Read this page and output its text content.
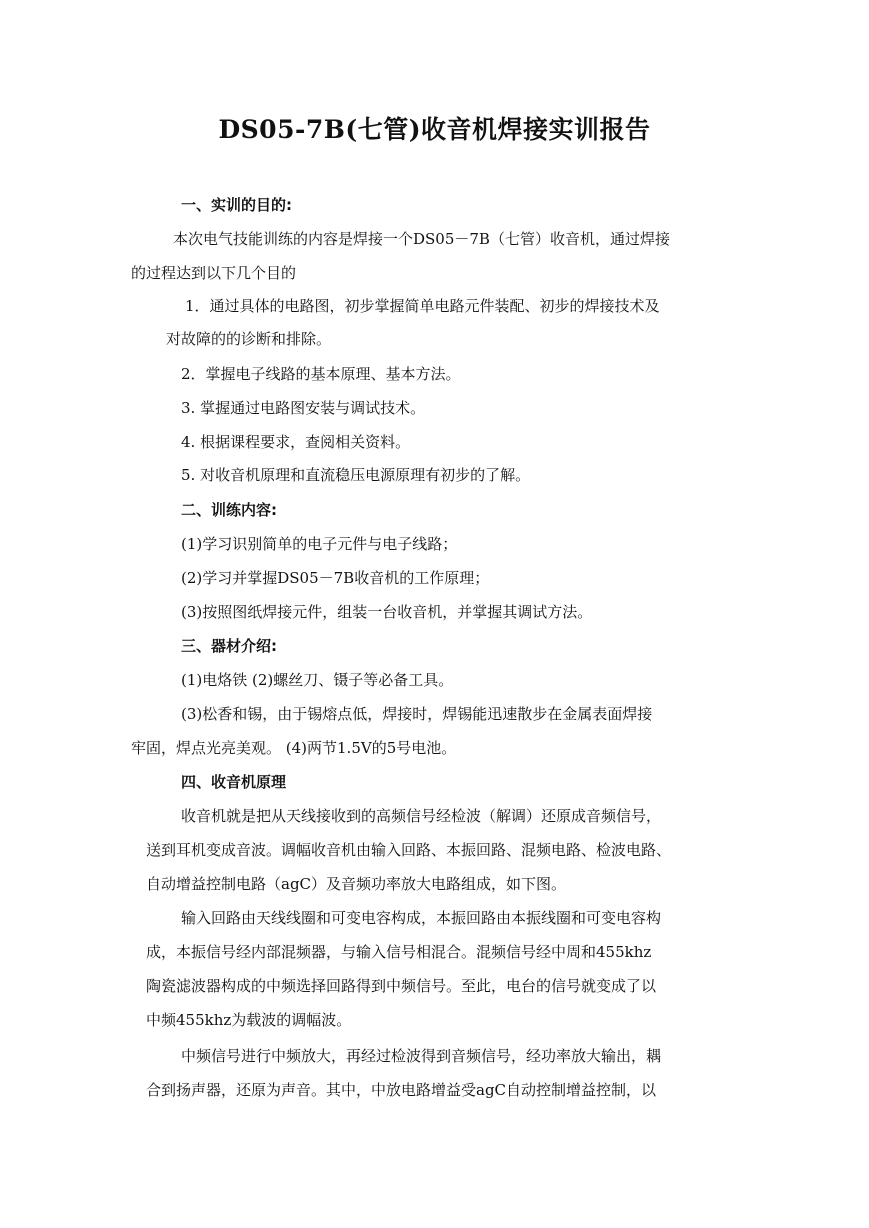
DS05-7B(七管)收音机焊接实训报告
一、实训的目的:
本次电气技能训练的内容是焊接一个DS05－7B（七管）收音机，通过焊接
的过程达到以下几个目的
1．通过具体的电路图，初步掌握简单电路元件装配、初步的焊接技术及
对故障的的诊断和排除。
2．掌握电子线路的基本原理、基本方法。
3. 掌握通过电路图安装与调试技术。
4. 根据课程要求，查阅相关资料。
5. 对收音机原理和直流稳压电源原理有初步的了解。
二、训练内容:
(1)学习识别简单的电子元件与电子线路；
(2)学习并掌握DS05－7B收音机的工作原理；
(3)按照图纸焊接元件，组装一台收音机，并掌握其调试方法。
三、器材介绍:
(1)电烙铁 (2)螺丝刀、镊子等必备工具。
(3)松香和锡，由于锡熔点低，焊接时，焊锡能迅速散步在金属表面焊接
牢固，焊点光亮美观。 (4)两节1.5V的5号电池。
四、收音机原理
收音机就是把从天线接收到的高频信号经检波（解调）还原成音频信号，
送到耳机变成音波。调幅收音机由输入回路、本振回路、混频电路、检波电路、
自动增益控制电路（agC）及音频功率放大电路组成，如下图。
输入回路由天线线圈和可变电容构成，本振回路由本振线圈和可变电容构
成，本振信号经内部混频器，与输入信号相混合。混频信号经中周和455khz
陶瓷滤波器构成的中频选择回路得到中频信号。至此，电台的信号就变成了以
中频455khz为载波的调幅波。
中频信号进行中频放大，再经过检波得到音频信号，经功率放大输出，耦
合到扬声器，还原为声音。其中，中放电路增益受agC自动控制增益控制，以
